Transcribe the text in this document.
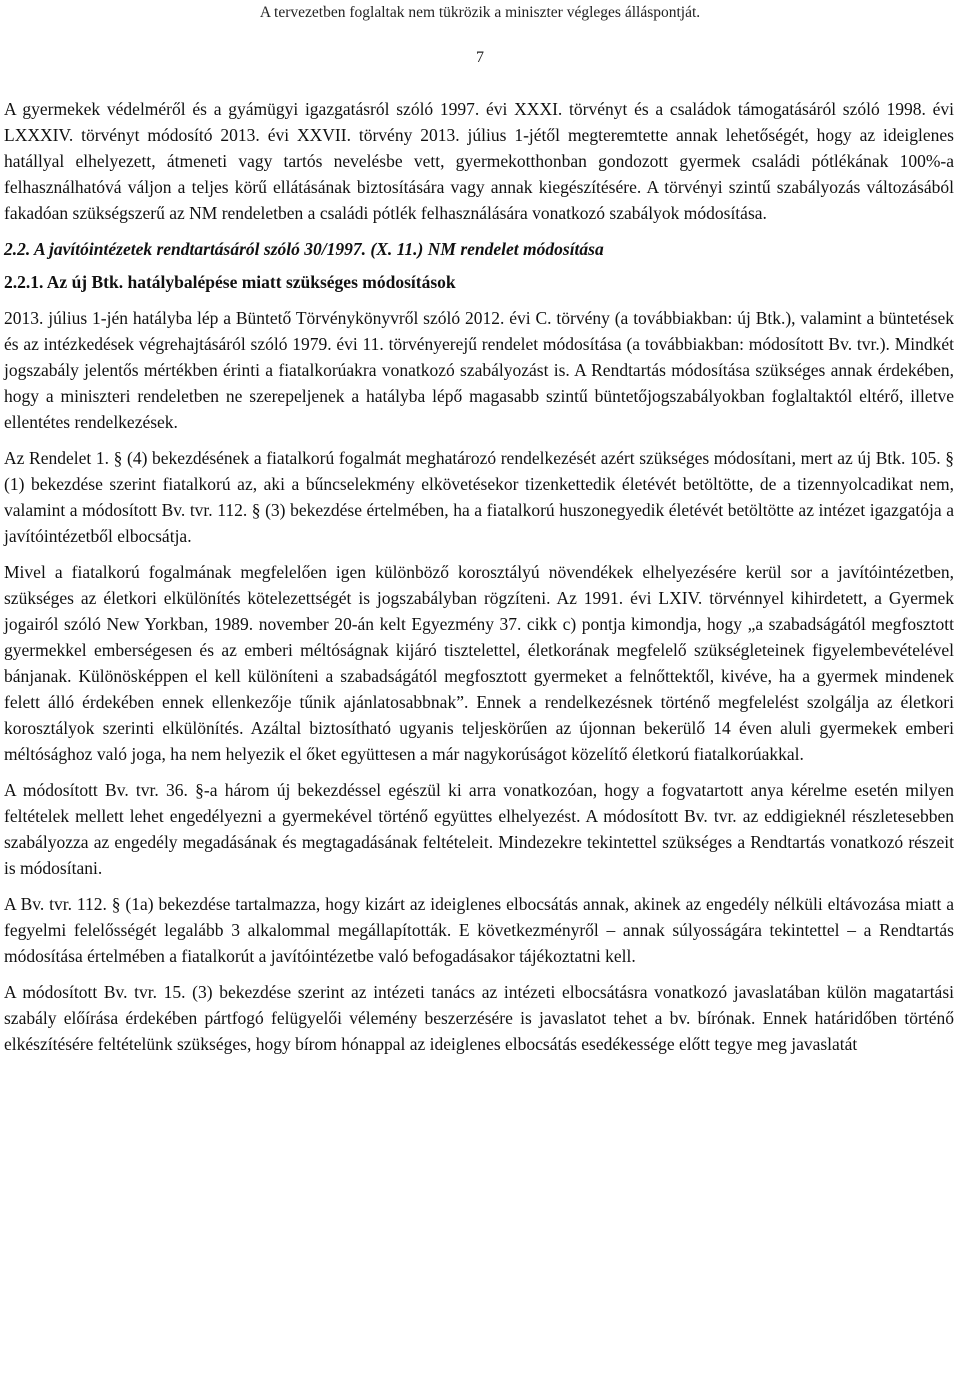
A tervezetben foglaltak nem tükrözik a miniszter végleges álláspontját.
7

A gyermekek védelméről és a gyámügyi igazgatásról szóló 1997. évi XXXI. törvényt és a családok támogatásáról szóló 1998. évi LXXXIV. törvényt módosító 2013. évi XXVII. törvény 2013. július 1-jétől megteremtette annak lehetőségét, hogy az ideiglenes hatállyal elhelyezett, átmeneti vagy tartós nevelésbe vett, gyermekotthonban gondozott gyermek családi pótlékának 100%-a felhasználhatóvá váljon a teljes körű ellátásának biztosítására vagy annak kiegészítésére. A törvényi szintű szabályozás változásából fakadóan szükségszerű az NM rendeletben a családi pótlék felhasználására vonatkozó szabályok módosítása.

2.2. A javítóintézetek rendtartásáról szóló 30/1997. (X. 11.) NM rendelet módosítása

2.2.1. Az új Btk. hatálybalépése miatt szükséges módosítások

2013. július 1-jén hatályba lép a Büntető Törvénykönyvről szóló 2012. évi C. törvény (a továbbiakban: új Btk.), valamint a büntetések és az intézkedések végrehajtásáról szóló 1979. évi 11. törvényerejű rendelet módosítása (a továbbiakban: módosított Bv. tvr.). Mindkét jogszabály jelentős mértékben érinti a fiatalkorúakra vonatkozó szabályozást is. A Rendtartás módosítása szükséges annak érdekében, hogy a miniszteri rendeletben ne szerepeljenek a hatályba lépő magasabb szintű büntetőjogszabályokban foglaltaktól eltérő, illetve ellentétes rendelkezések.

Az Rendelet 1. § (4) bekezdésének a fiatalkorú fogalmát meghatározó rendelkezését azért szükséges módosítani, mert az új Btk. 105. § (1) bekezdése szerint fiatalkorú az, aki a bűncselekmény elkövetésekor tizenkettedik életévét betöltötte, de a tizennyolcadikat nem, valamint a módosított Bv. tvr. 112. § (3) bekezdése értelmében, ha a fiatalkorú huszonegyedik életévét betöltötte az intézet igazgatója a javítóintézetből elbocsátja.

Mivel a fiatalkorú fogalmának megfelelően igen különböző korosztályú növendékek elhelyezésére kerül sor a javítóintézetben, szükséges az életkori elkülönítés kötelezettségét is jogszabályban rögzíteni. Az 1991. évi LXIV. törvénnyel kihirdetett, a Gyermek jogairól szóló New Yorkban, 1989. november 20-án kelt Egyezmény 37. cikk c) pontja kimondja, hogy „a szabadságától megfosztott gyermekkel emberségesen és az emberi méltóságnak kijáró tisztelettel, életkorának megfelelő szükségleteinek figyelembevételével bánjanak. Különösképpen el kell különíteni a szabadságától megfosztott gyermeket a felnőttektől, kivéve, ha a gyermek mindenek felett álló érdekében ennek ellenkezője tűnik ajánlatosabbnak”. Ennek a rendelkezésnek történő megfelelést szolgálja az életkori korosztályok szerinti elkülönítés. Azáltal biztosítható ugyanis teljeskörűen az újonnan bekerülő 14 éven aluli gyermekek emberi méltósághoz való joga, ha nem helyezik el őket együttesen a már nagykorúságot közelítő életkorú fiatalkorúakkal.

A módosított Bv. tvr. 36. §-a három új bekezdéssel egészül ki arra vonatkozóan, hogy a fogvatartott anya kérelme esetén milyen feltételek mellett lehet engedélyezni a gyermekével történő együttes elhelyezést. A módosított Bv. tvr. az eddigieknél részletesebben szabályozza az engedély megadásának és megtagadásának feltételeit. Mindezekre tekintettel szükséges a Rendtartás vonatkozó részeit is módosítani.

A Bv. tvr. 112. § (1a) bekezdése tartalmazza, hogy kizárt az ideiglenes elbocsátás annak, akinek az engedély nélküli eltávozása miatt a fegyelmi felelősségét legalább 3 alkalommal megállapították. E következményről – annak súlyosságára tekintettel – a Rendtartás módosítása értelmében a fiatalkorút a javítóintézetbe való befogadásakor tájékoztatni kell.

A módosított Bv. tvr. 15. (3) bekezdése szerint az intézeti tanács az intézeti elbocsátásra vonatkozó javaslatában külön magatartási szabály előírása érdekében pártfogó felügyelői vélemény beszerzésére is javaslatot tehet a bv. bírónak. Ennek határidőben történő elkészítésére feltételünk szükséges, hogy bírom hónappal az ideiglenes elbocsátás esedékessége előtt tegye meg javaslatát
